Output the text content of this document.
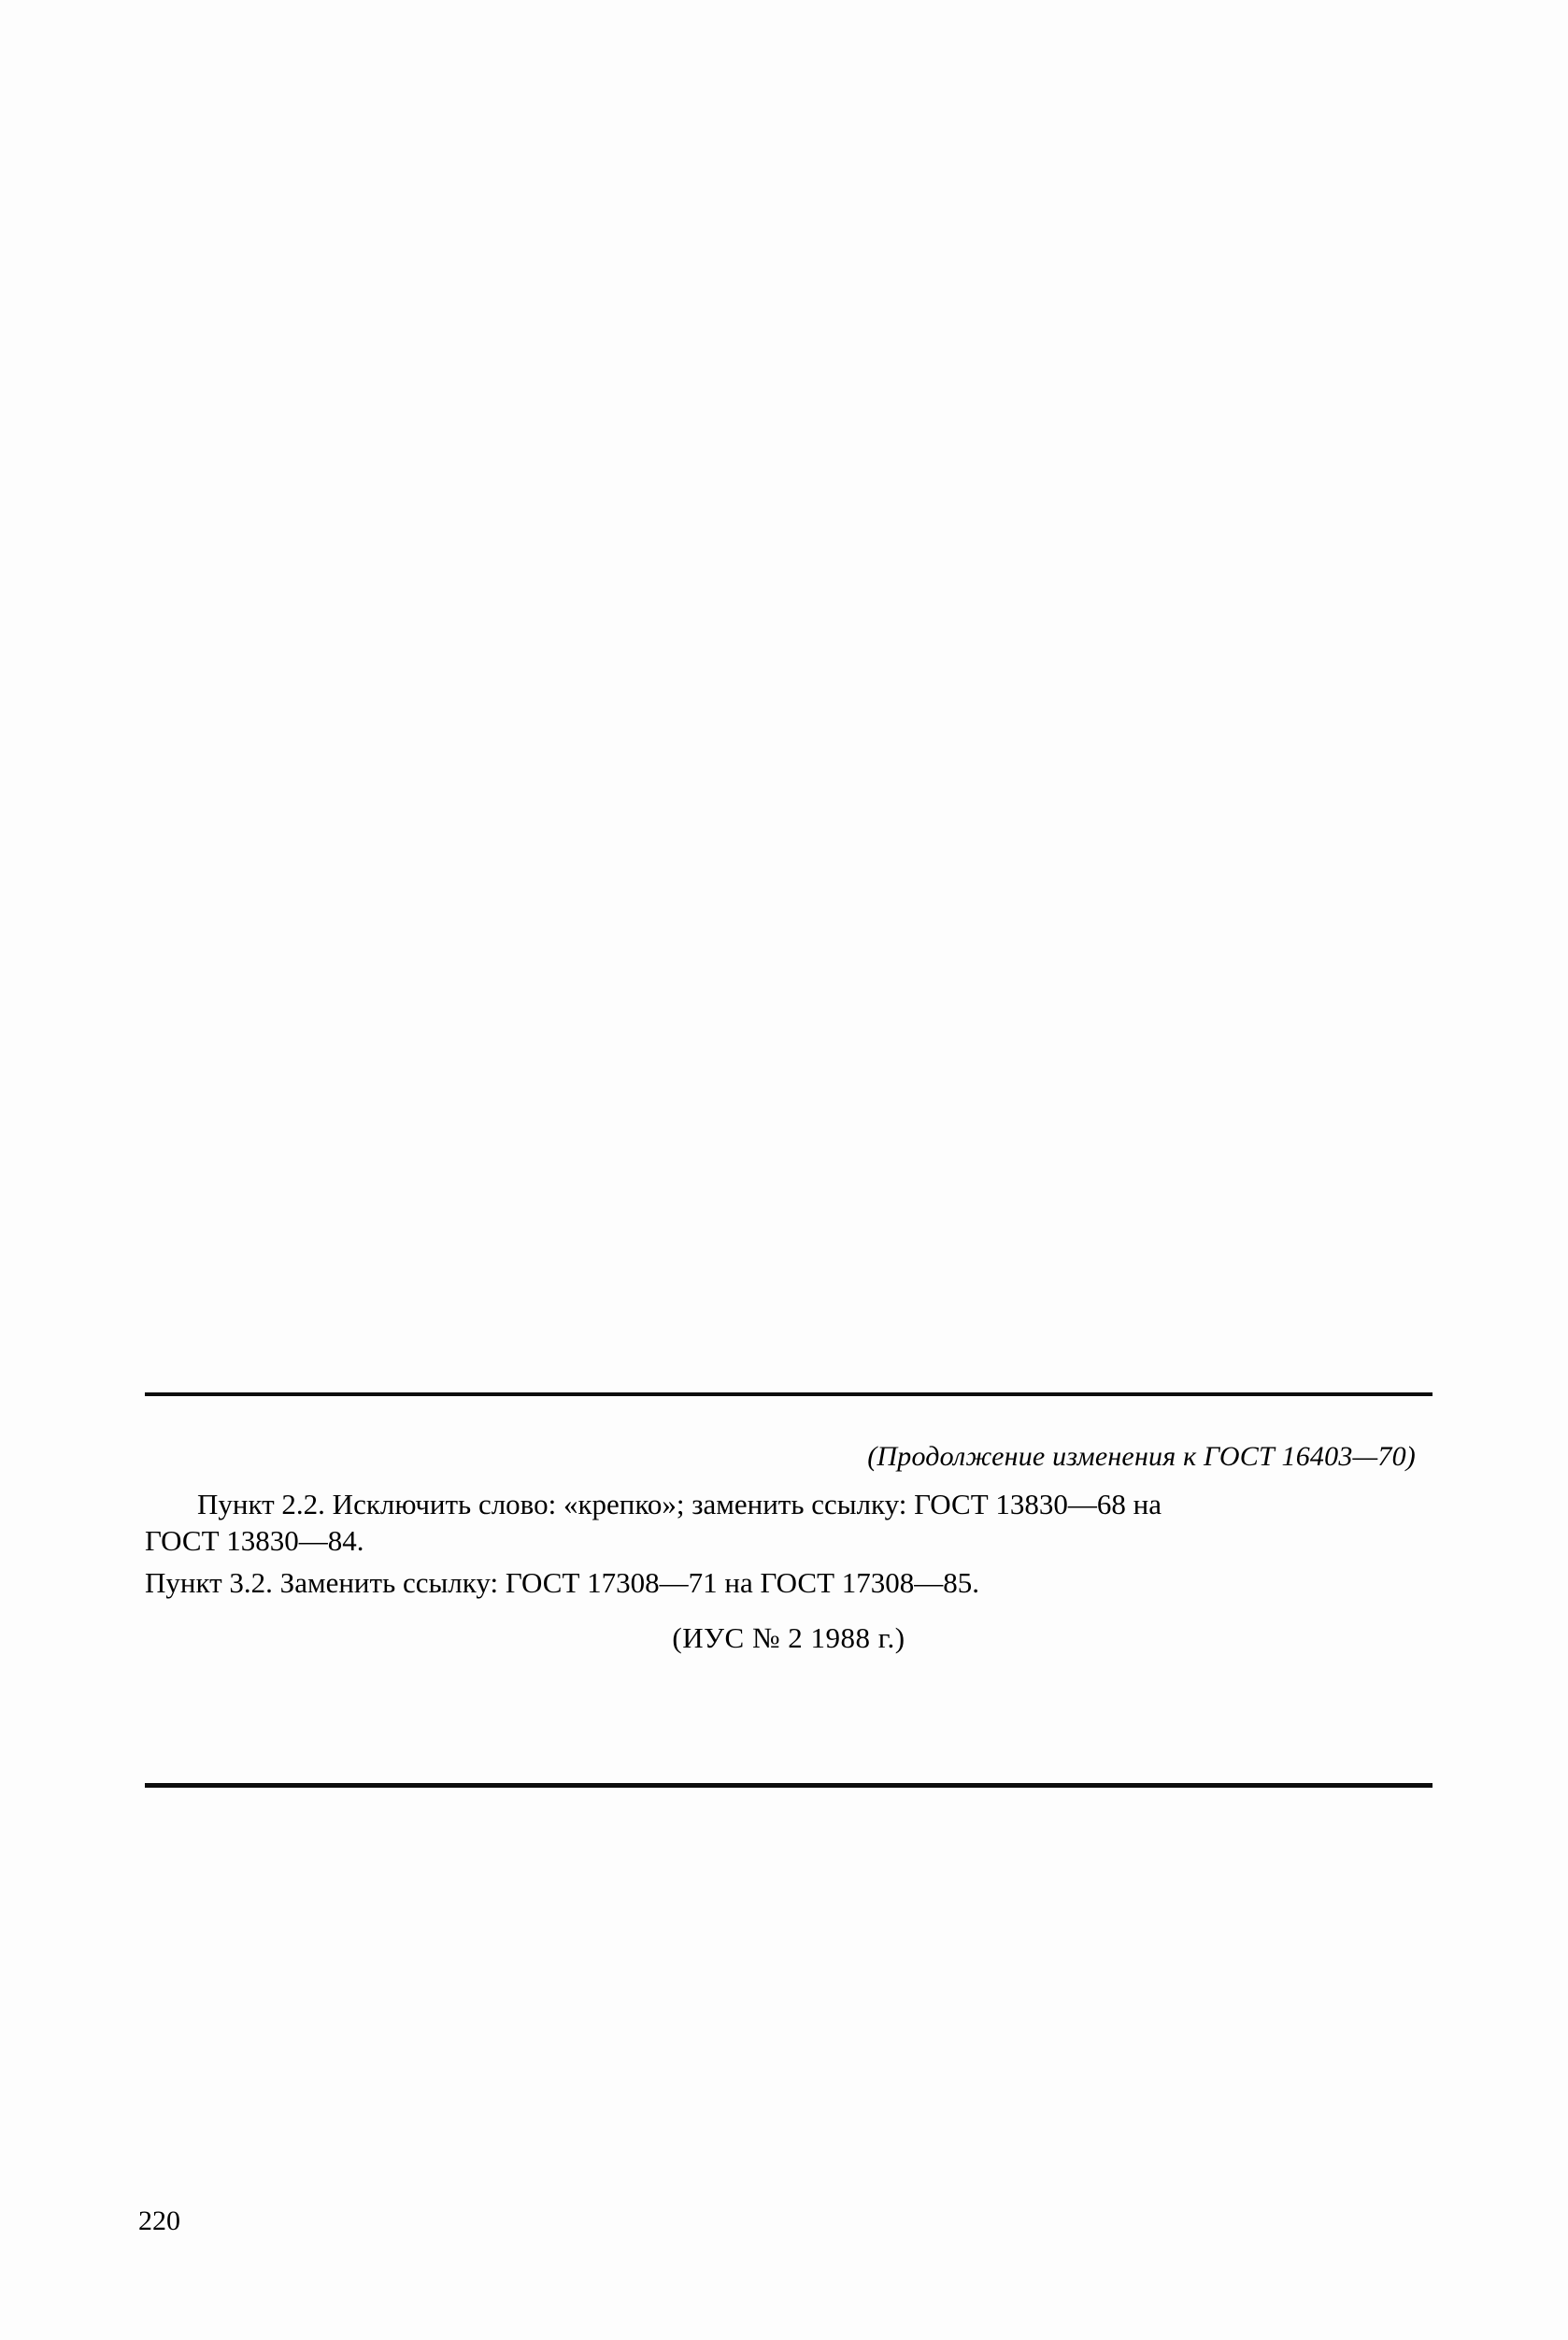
(Продолжение изменения к ГОСТ 16403—70)
Пункт 2.2. Исключить слово: «крепко»; заменить ссылку: ГОСТ 13830—68 на
ГОСТ 13830—84.
Пункт 3.2. Заменить ссылку: ГОСТ 17308—71 на ГОСТ 17308—85.
(ИУС № 2 1988 г.)
220
